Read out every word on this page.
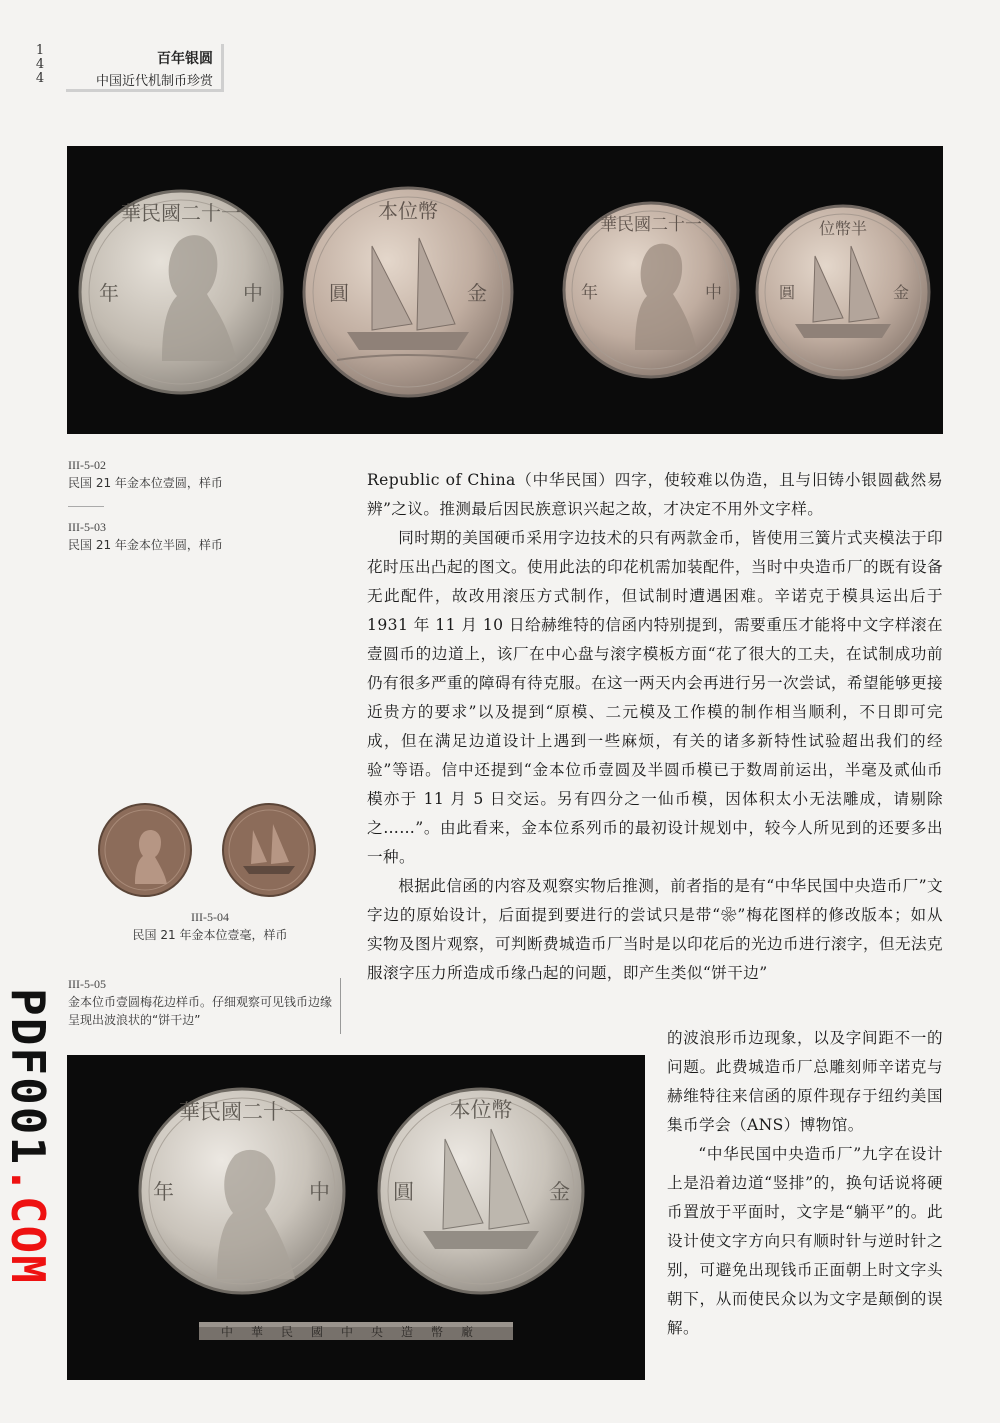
1
4
4
百年银圆
中国近代机制币珍赏
華民國二十一
年	中
本位幣
圓	金
華民國二十一
年	中
位幣半
圓	金
III-5-02
民国 21 年金本位壹圆，样币
III-5-03
民国 21 年金本位半圆，样币
III-5-04
民国 21 年金本位壹毫，样币
III-5-05
金本位币壹圆梅花边样币。仔细观察可见钱币边缘呈现出波浪状的“饼干边”

Republic of China（中华民国）四字，使较难以伪造，且与旧铸小银圆截然易辨”之议。推测最后因民族意识兴起之故，才决定不用外文字样。

同时期的美国硬币采用字边技术的只有两款金币，皆使用三簧片式夹模法于印花时压出凸起的图文。使用此法的印花机需加装配件，当时中央造币厂的既有设备无此配件，故改用滚压方式制作，但试制时遭遇困难。辛诺克于模具运出后于 1931 年 11 月 10 日给赫维特的信函内特别提到，需要重压才能将中文字样滚在壹圆币的边道上，该厂在中心盘与滚字模板方面“花了很大的工夫，在试制成功前仍有很多严重的障碍有待克服。在这一两天内会再进行另一次尝试，希望能够更接近贵方的要求”以及提到“原模、二元模及工作模的制作相当顺利，不日即可完成，但在满足边道设计上遇到一些麻烦，有关的诸多新特性试验超出我们的经验”等语。信中还提到“金本位币壹圆及半圆币模已于数周前运出，半毫及贰仙币模亦于 11 月 5 日交运。另有四分之一仙币模，因体积太小无法雕成，请剔除之……”。由此看来，金本位系列币的最初设计规划中，较今人所见到的还要多出一种。

根据此信函的内容及观察实物后推测，前者指的是有“中华民国中央造币厂”文字边的原始设计，后面提到要进行的尝试只是带“❀”梅花图样的修改版本；如从实物及图片观察，可判断费城造币厂当时是以印花后的光边币进行滚字，但无法克服滚字压力所造成币缘凸起的问题，即产生类似“饼干边”

的波浪形币边现象，以及字间距不一的问题。此费城造币厂总雕刻师辛诺克与赫维特往来信函的原件现存于纽约美国集币学会（ANS）博物馆。

“中华民国中央造币厂”九字在设计上是沿着边道“竖排”的，换句话说将硬币置放于平面时，文字是“躺平”的。此设计使文字方向只有顺时针与逆时针之别，可避免出现钱币正面朝上时文字头朝下，从而使民众以为文字是颠倒的误解。

華民國二十一
年	中
本位幣
圓	金
中華民國中央造幣廠
PDF001.COM
